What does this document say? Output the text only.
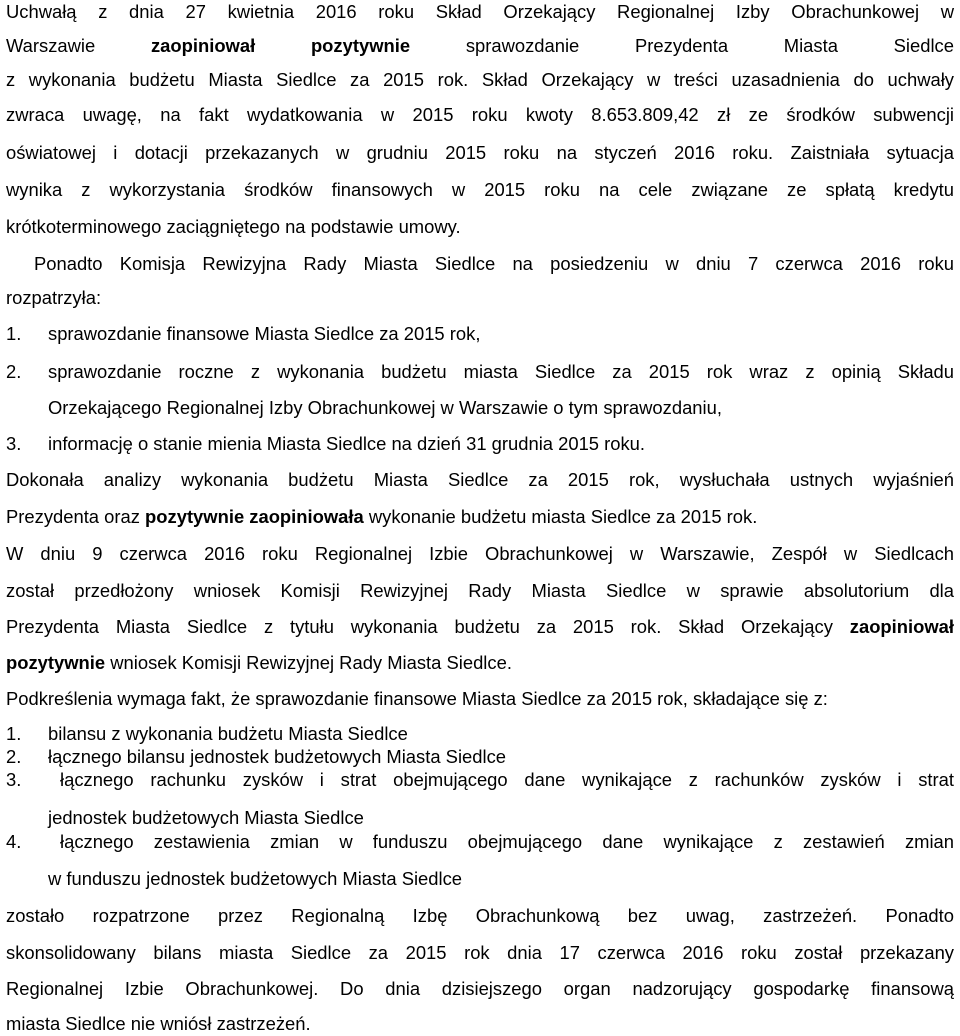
Uchwałą z dnia 27 kwietnia 2016 roku Skład Orzekający Regionalnej Izby Obrachunkowej w
Warszawie	zaopiniował	pozytywnie	sprawozdanie Prezydenta Miasta Siedlce
z wykonania budżetu Miasta Siedlce za 2015 rok. Skład Orzekający w treści uzasadnienia do uchwały
zwraca uwagę, na fakt wydatkowania w 2015 roku kwoty 8.653.809,42 zł ze środków subwencji
oświatowej i dotacji przekazanych w grudniu 2015 roku na styczeń 2016 roku. Zaistniała sytuacja
wynika z wykorzystania środków finansowych w 2015 roku na cele związane ze spłatą kredytu
krótkoterminowego zaciągniętego na podstawie umowy.
Ponadto Komisja Rewizyjna Rady Miasta Siedlce na posiedzeniu w dniu 7 czerwca 2016 roku
rozpatrzyła:
1. sprawozdanie finansowe Miasta Siedlce za 2015 rok,
2. sprawozdanie roczne z wykonania budżetu miasta Siedlce za 2015 rok wraz z opinią Składu
Orzekającego Regionalnej Izby Obrachunkowej w Warszawie o tym sprawozdaniu,
3. informację o stanie mienia Miasta Siedlce na dzień 31 grudnia 2015 roku.
Dokonała analizy wykonania budżetu Miasta Siedlce za 2015 rok, wysłuchała ustnych wyjaśnień
Prezydenta oraz pozytywnie zaopiniowała wykonanie budżetu miasta Siedlce za 2015 rok.
W dniu 9 czerwca 2016 roku Regionalnej Izbie Obrachunkowej w Warszawie, Zespół w Siedlcach
został przedłożony wniosek Komisji Rewizyjnej Rady Miasta Siedlce w sprawie absolutorium dla
Prezydenta Miasta Siedlce z tytułu wykonania budżetu za 2015 rok. Skład Orzekający zaopiniował
pozytywnie wniosek Komisji Rewizyjnej Rady Miasta Siedlce.
Podkreślenia wymaga fakt, że sprawozdanie finansowe Miasta Siedlce za 2015 rok, składające się z:
1. bilansu z wykonania budżetu Miasta Siedlce
2. łącznego bilansu jednostek budżetowych Miasta Siedlce
3. łącznego rachunku zysków i strat obejmującego dane wynikające z rachunków zysków i strat
jednostek budżetowych Miasta Siedlce
4. łącznego zestawienia zmian w funduszu obejmującego dane wynikające z zestawień zmian
w funduszu jednostek budżetowych Miasta Siedlce
zostało rozpatrzone przez Regionalną Izbę Obrachunkową bez uwag, zastrzeżeń. Ponadto
skonsolidowany bilans miasta Siedlce za 2015 rok dnia 17 czerwca 2016 roku został przekazany
Regionalnej Izbie Obrachunkowej. Do dnia dzisiejszego organ nadzorujący gospodarkę finansową
miasta Siedlce nie wniósł zastrzeżeń.
